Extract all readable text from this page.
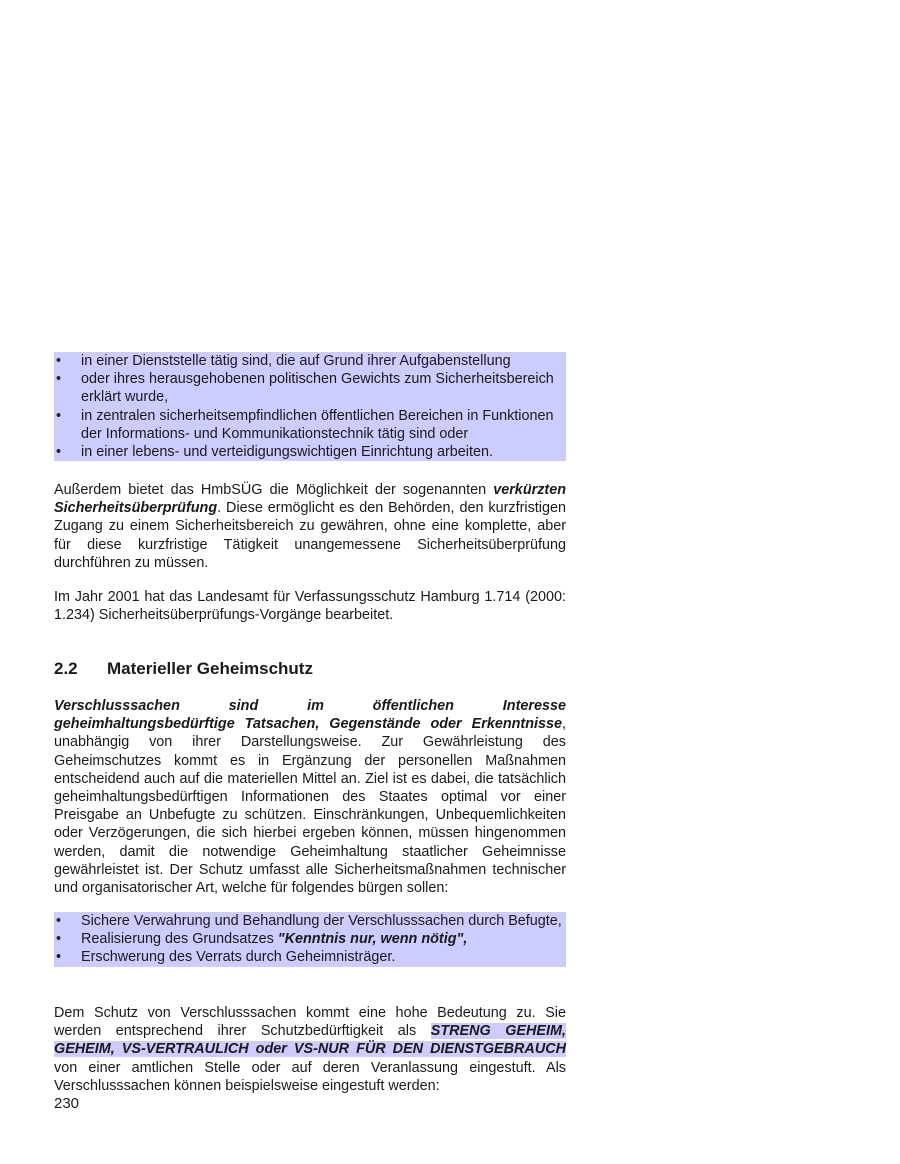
• in einer Dienststelle tätig sind, die auf Grund ihrer Aufgabenstellung
• oder ihres herausgehobenen politischen Gewichts zum Sicherheitsbereich erklärt wurde,
• in zentralen sicherheitsempfindlichen öffentlichen Bereichen in Funktionen der Informations- und Kommunikationstechnik tätig sind oder
• in einer lebens- und verteidigungswichtigen Einrichtung arbeiten.

Außerdem bietet das HmbSÜG die Möglichkeit der sogenannten verkürzten Sicherheitsüberprüfung. Diese ermöglicht es den Behörden, den kurzfristigen Zugang zu einem Sicherheitsbereich zu gewähren, ohne eine komplette, aber für diese kurzfristige Tätigkeit unangemessene Sicherheitsüberprüfung durchführen zu müssen.

Im Jahr 2001 hat das Landesamt für Verfassungsschutz Hamburg 1.714 (2000: 1.234) Sicherheitsüberprüfungs-Vorgänge bearbeitet.

2.2 Materieller Geheimschutz

Verschlusssachen sind im öffentlichen Interesse geheimhaltungsbedürftige Tatsachen, Gegenstände oder Erkenntnisse, unabhängig von ihrer Darstellungsweise. Zur Gewährleistung des Geheimschutzes kommt es in Ergänzung der personellen Maßnahmen entscheidend auch auf die materiellen Mittel an. Ziel ist es dabei, die tatsächlich geheimhaltungsbedürftigen Informationen des Staates optimal vor einer Preisgabe an Unbefugte zu schützen. Einschränkungen, Unbequemlichkeiten oder Verzögerungen, die sich hierbei ergeben können, müssen hingenommen werden, damit die notwendige Geheimhaltung staatlicher Geheimnisse gewährleistet ist. Der Schutz umfasst alle Sicherheitsmaßnahmen technischer und organisatorischer Art, welche für folgendes bürgen sollen:

• Sichere Verwahrung und Behandlung der Verschlusssachen durch Befugte,
• Realisierung des Grundsatzes "Kenntnis nur, wenn nötig",
• Erschwerung des Verrats durch Geheimnisträger.

Dem Schutz von Verschlusssachen kommt eine hohe Bedeutung zu. Sie werden entsprechend ihrer Schutzbedürftigkeit als STRENG GEHEIM, GEHEIM, VS-VERTRAULICH oder VS-NUR FÜR DEN DIENSTGEBRAUCH von einer amtlichen Stelle oder auf deren Veranlassung eingestuft. Als Verschlusssachen können beispielsweise eingestuft werden:

230
